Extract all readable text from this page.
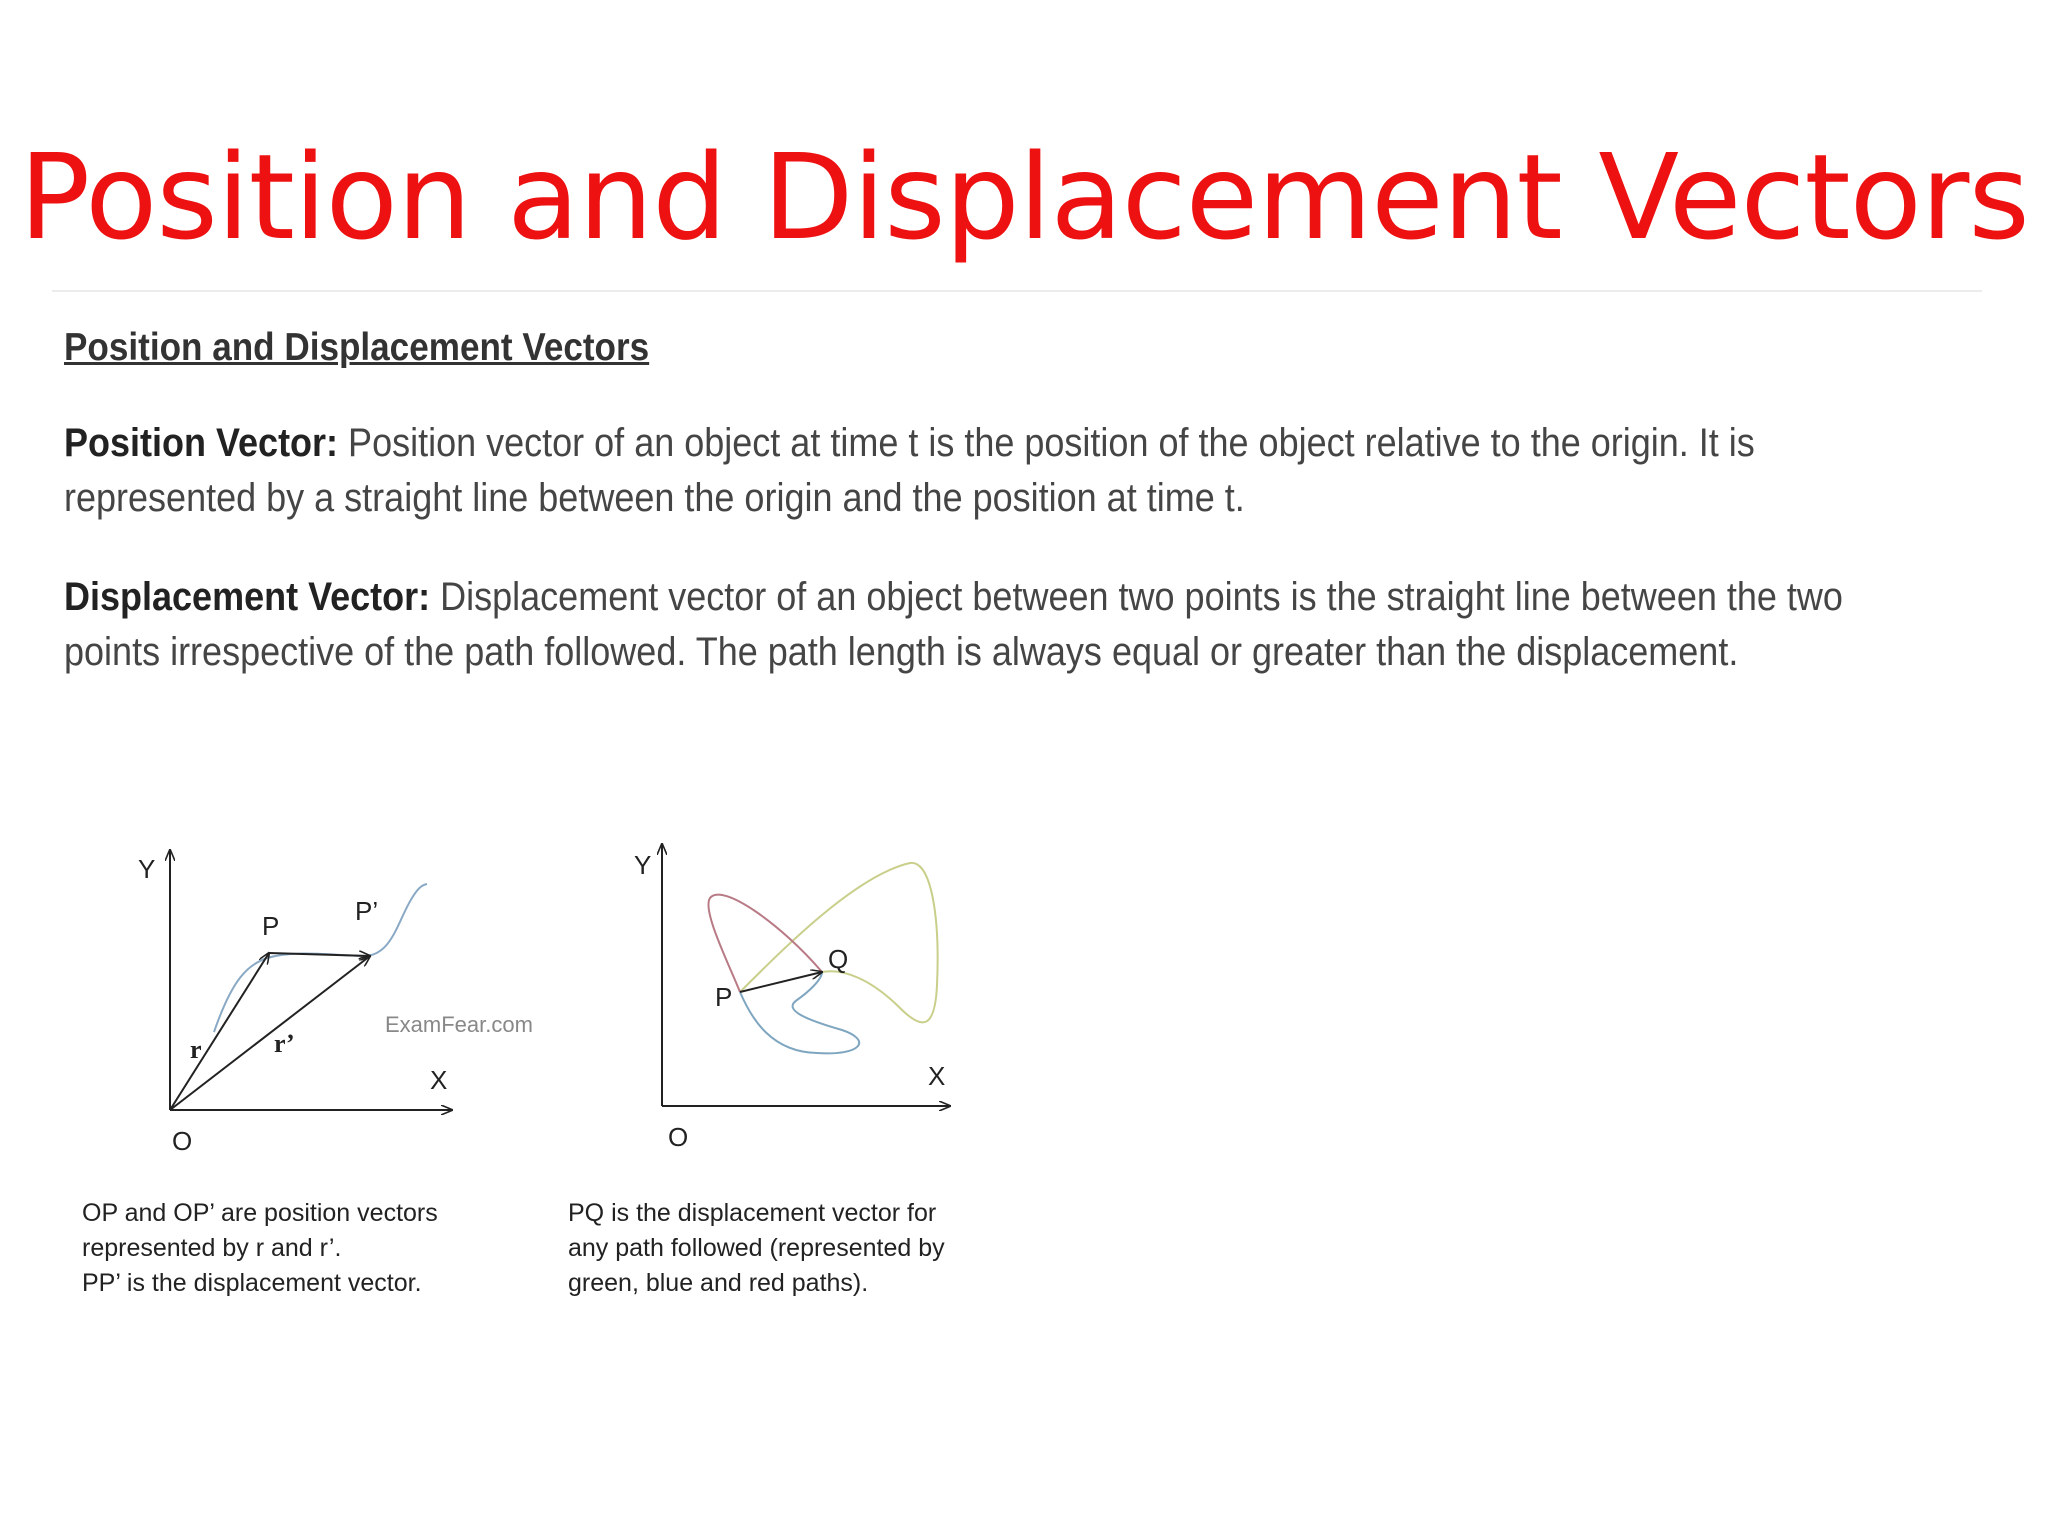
Position and Displacement Vectors
Position and Displacement Vectors
Position Vector: Position vector of an object at time t is the position of the object relative to the origin. It is represented by a straight line between the origin and the position at time t.
Displacement Vector: Displacement vector of an object between two points is the straight line between the two points irrespective of the path followed. The path length is always equal or greater than the displacement.
Y
X
O
P	P’
r	r’
ExamFear.com
Y
X
O
P
Q
OP and OP’ are position vectors
represented by r and r’.
PP’ is the displacement vector.
PQ is the displacement vector for
any path followed (represented by
green, blue and red paths).
